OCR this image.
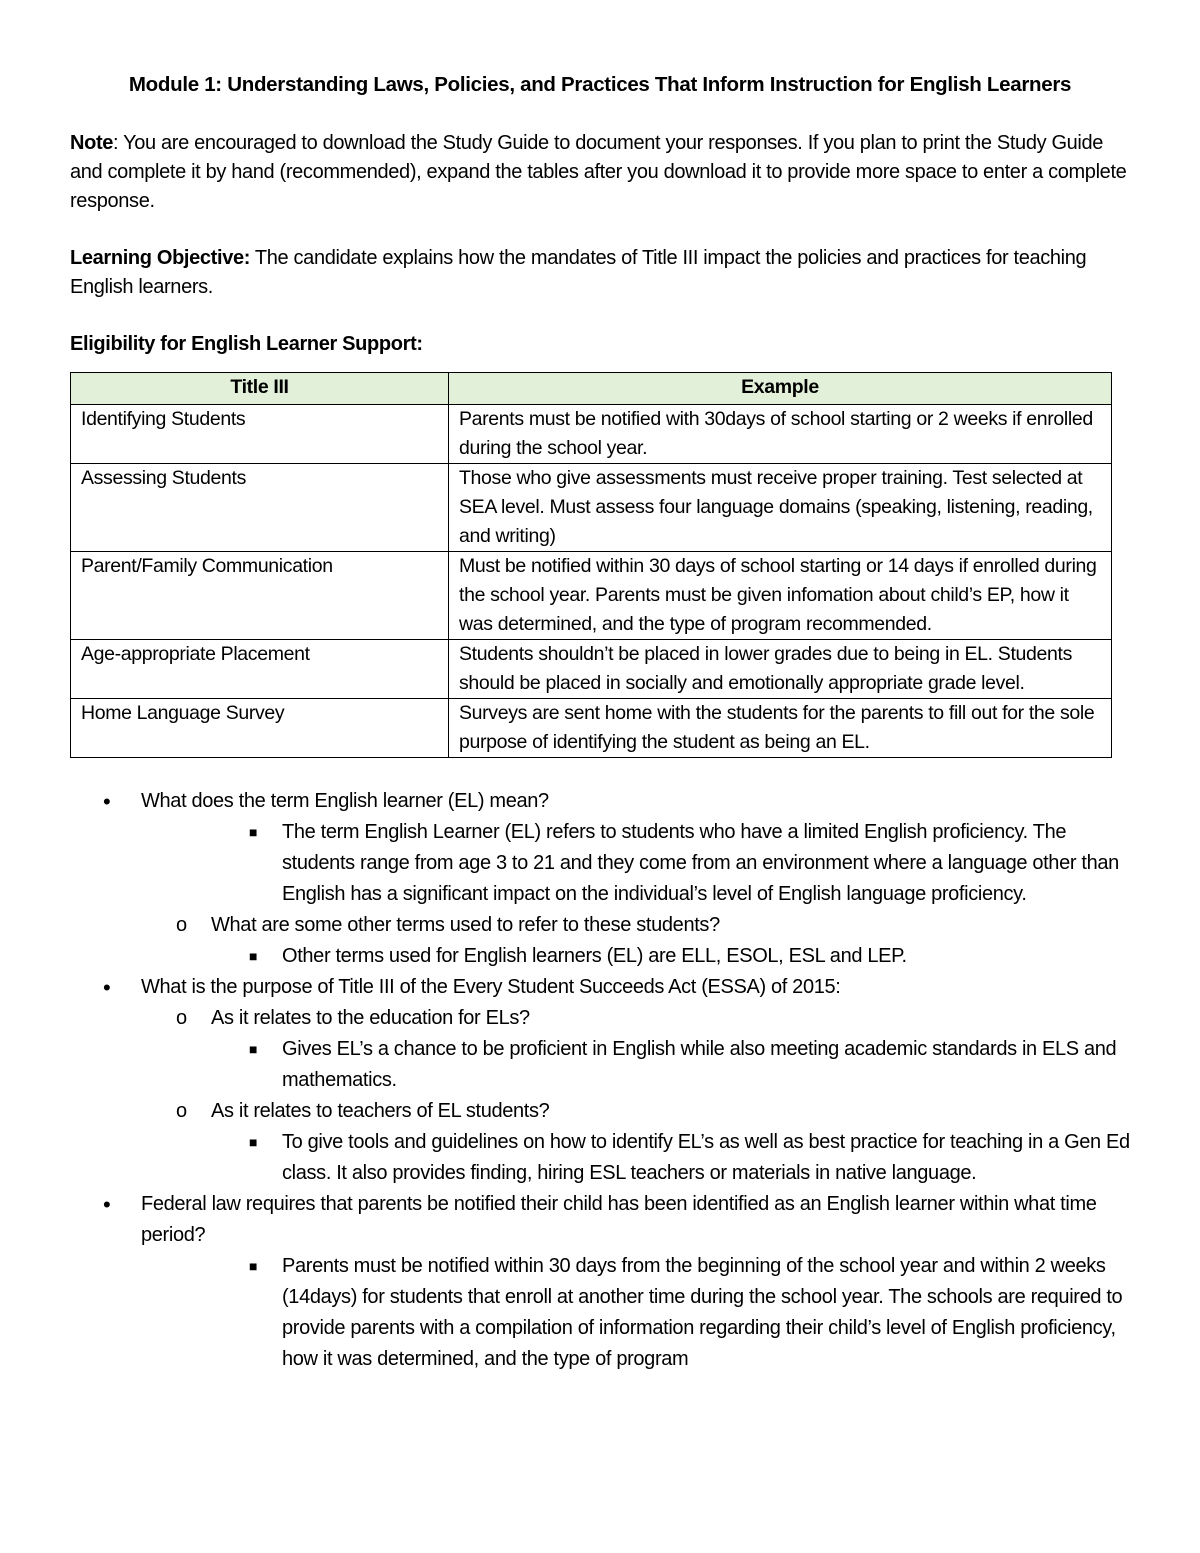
Module 1: Understanding Laws, Policies, and Practices That Inform Instruction for English Learners
Note: You are encouraged to download the Study Guide to document your responses. If you plan to print the Study Guide and complete it by hand (recommended), expand the tables after you download it to provide more space to enter a complete response.
Learning Objective: The candidate explains how the mandates of Title III impact the policies and practices for teaching English learners.
Eligibility for English Learner Support:
Title III	Example
Identifying Students	Parents must be notified with 30days of school starting or 2 weeks if enrolled during the school year.
Assessing Students	Those who give assessments must receive proper training. Test selected at SEA level. Must assess four language domains (speaking, listening, reading, and writing)
Parent/Family Communication	Must be notified within 30 days of school starting or 14 days if enrolled during the school year. Parents must be given infomation about child’s EP, how it was determined, and the type of program recommended.
Age-appropriate Placement	Students shouldn’t be placed in lower grades due to being in EL. Students should be placed in socially and emotionally appropriate grade level.
Home Language Survey	Surveys are sent home with the students for the parents to fill out for the sole purpose of identifying the student as being an EL.
• What does the term English learner (EL) mean?
■ The term English Learner (EL) refers to students who have a limited English proficiency. The students range from age 3 to 21 and they come from an environment where a language other than English has a significant impact on the individual’s level of English language proficiency.
o What are some other terms used to refer to these students?
■ Other terms used for English learners (EL) are ELL, ESOL, ESL and LEP.
• What is the purpose of Title III of the Every Student Succeeds Act (ESSA) of 2015:
o As it relates to the education for ELs?
■ Gives EL’s a chance to be proficient in English while also meeting academic standards in ELS and mathematics.
o As it relates to teachers of EL students?
■ To give tools and guidelines on how to identify EL’s as well as best practice for teaching in a Gen Ed class. It also provides finding, hiring ESL teachers or materials in native language.
• Federal law requires that parents be notified their child has been identified as an English learner within what time period?
■ Parents must be notified within 30 days from the beginning of the school year and within 2 weeks (14days) for students that enroll at another time during the school year. The schools are required to provide parents with a compilation of information regarding their child’s level of English proficiency, how it was determined, and the type of program
